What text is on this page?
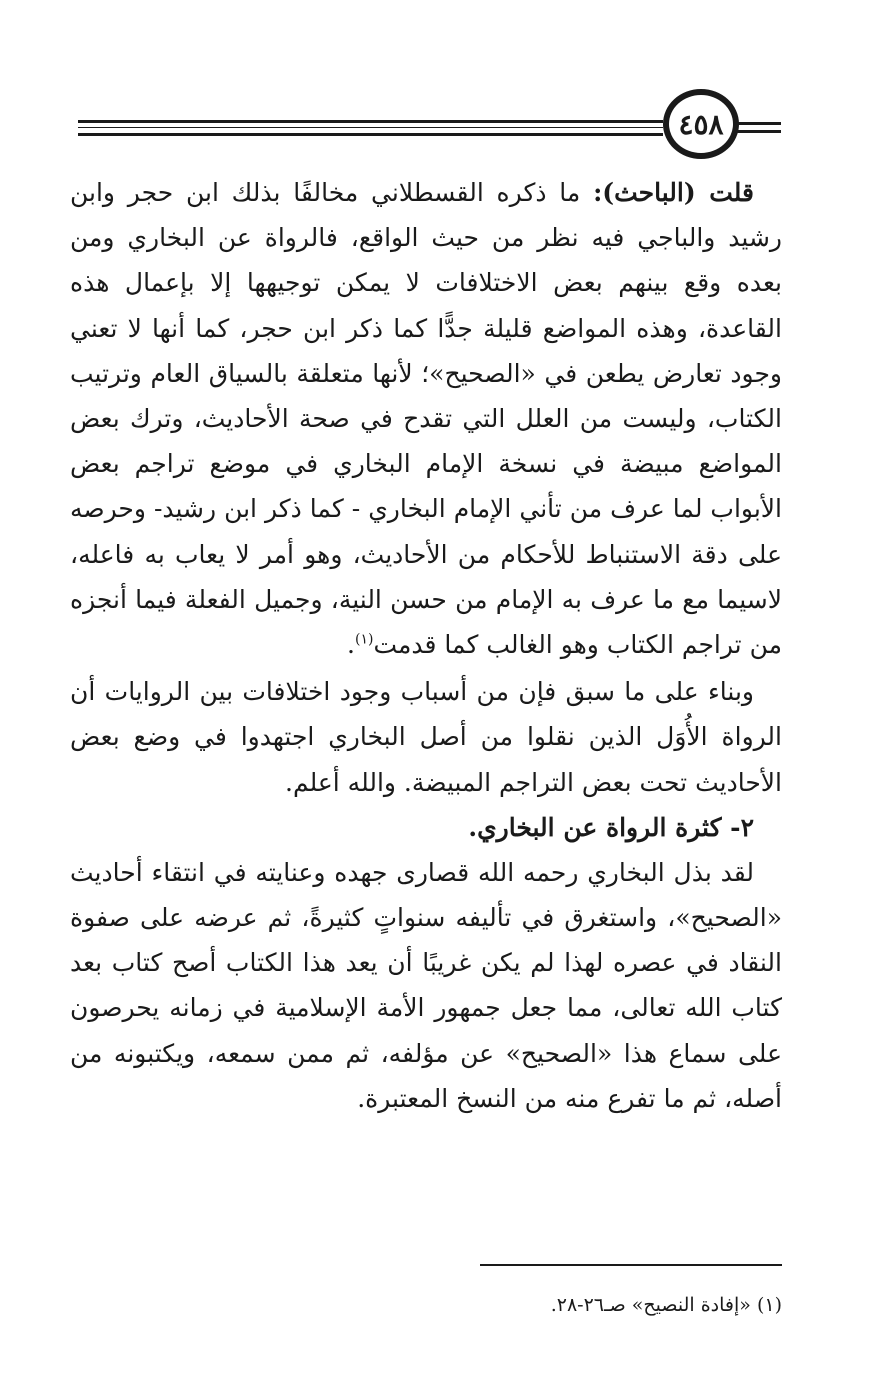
٤٥٨

قلت (الباحث): ما ذكره القسطلاني مخالفًا بذلك ابن حجر وابن رشيد والباجي فيه نظر من حيث الواقع، فالرواة عن البخاري ومن بعده وقع بينهم بعض الاختلافات لا يمكن توجيهها إلا بإعمال هذه القاعدة، وهذه المواضع قليلة جدًّا كما ذكر ابن حجر، كما أنها لا تعني وجود تعارض يطعن في «الصحيح»؛ لأنها متعلقة بالسياق العام وترتيب الكتاب، وليست من العلل التي تقدح في صحة الأحاديث، وترك بعض المواضع مبيضة في نسخة الإمام البخاري في موضع تراجم بعض الأبواب لما عرف من تأني الإمام البخاري - كما ذكر ابن رشيد- وحرصه على دقة الاستنباط للأحكام من الأحاديث، وهو أمر لا يعاب به فاعله، لاسيما مع ما عرف به الإمام من حسن النية، وجميل الفعلة فيما أنجزه من تراجم الكتاب وهو الغالب كما قدمت$^{(١)}$.

وبناء على ما سبق فإن من أسباب وجود اختلافات بين الروايات أن الرواة الأُوَل الذين نقلوا من أصل البخاري اجتهدوا في وضع بعض الأحاديث تحت بعض التراجم المبيضة. والله أعلم.

٢- كثرة الرواة عن البخاري.

لقد بذل البخاري رحمه الله قصارى جهده وعنايته في انتقاء أحاديث «الصحيح»، واستغرق في تأليفه سنواتٍ كثيرةً، ثم عرضه على صفوة النقاد في عصره لهذا لم يكن غريبًا أن يعد هذا الكتاب أصح كتاب بعد كتاب الله تعالى، مما جعل جمهور الأمة الإسلامية في زمانه يحرصون على سماع هذا «الصحيح» عن مؤلفه، ثم ممن سمعه، ويكتبونه من أصله، ثم ما تفرع منه من النسخ المعتبرة.

(١) «إفادة النصيح» صـ٢٦-٢٨.
